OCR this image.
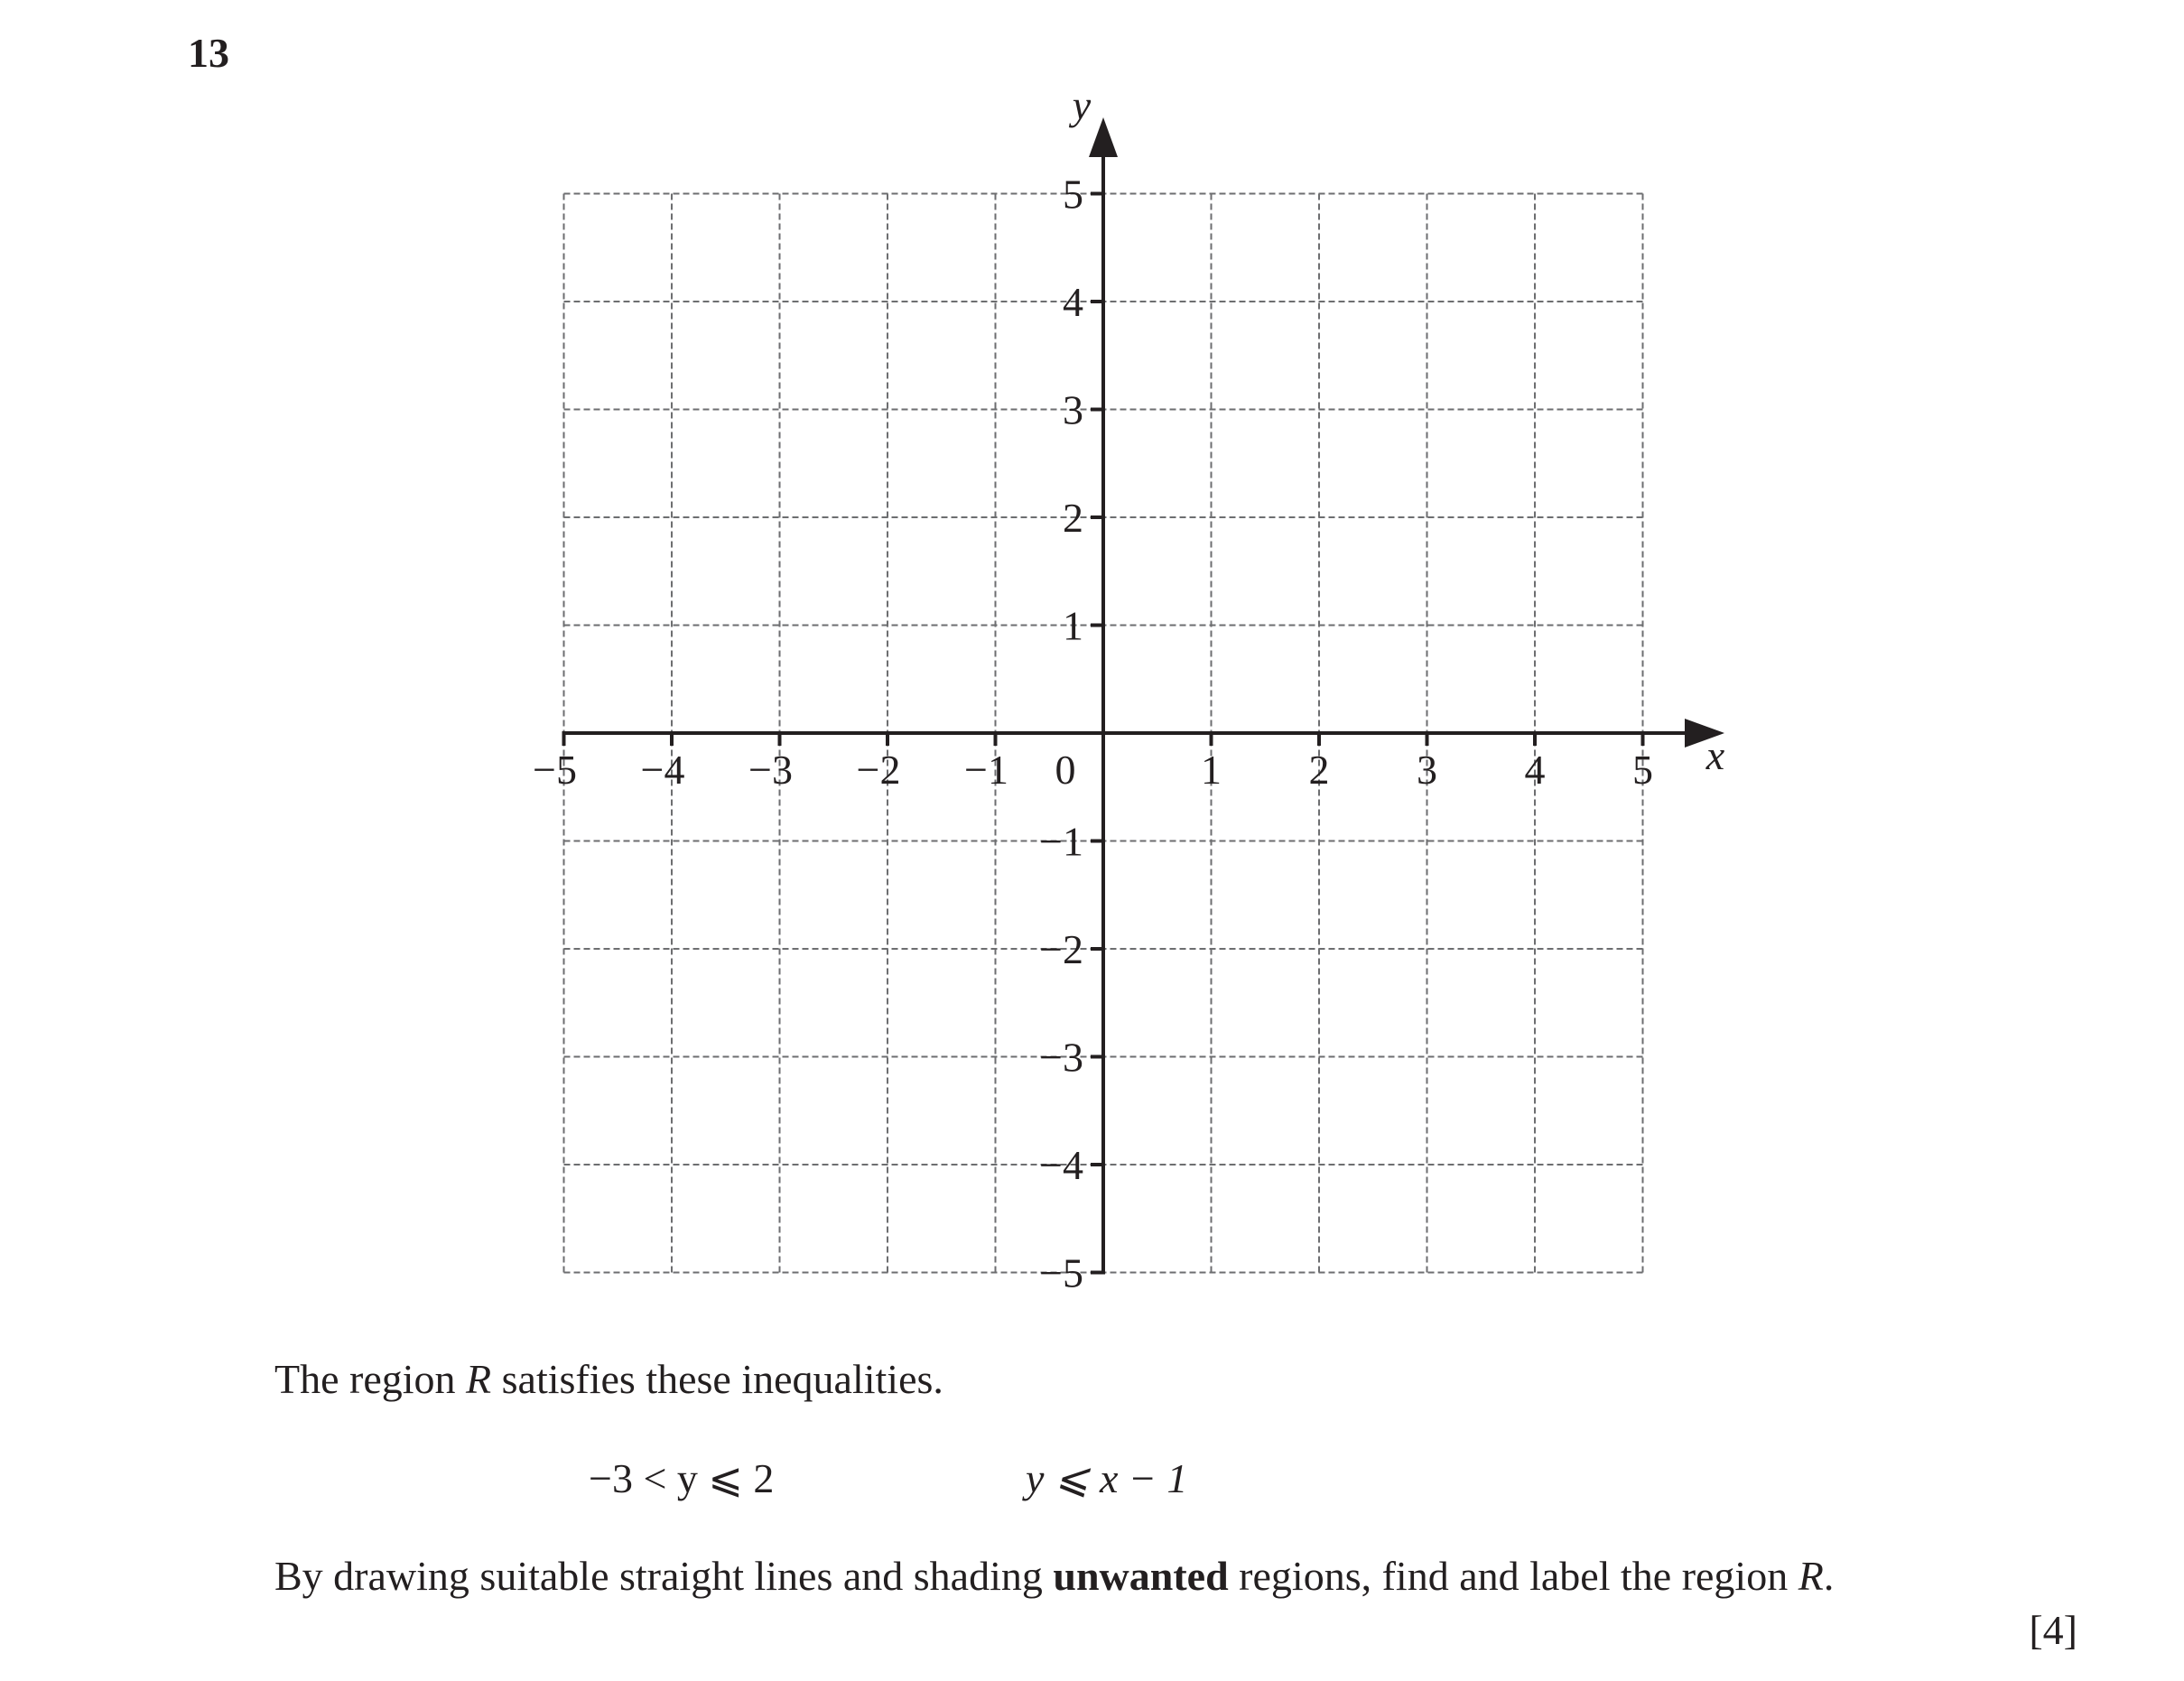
13
−5 −4 −3 −2 −1	1 2 3 4 5
5
4
3
2
1
−1
−2
−3
−4
−5
0	x
y
The region R satisfies these inequalities.
−3 < y ⩽ 2	y ⩽ x − 1
By drawing suitable straight lines and shading unwanted regions, find and label the region R.
[4]
